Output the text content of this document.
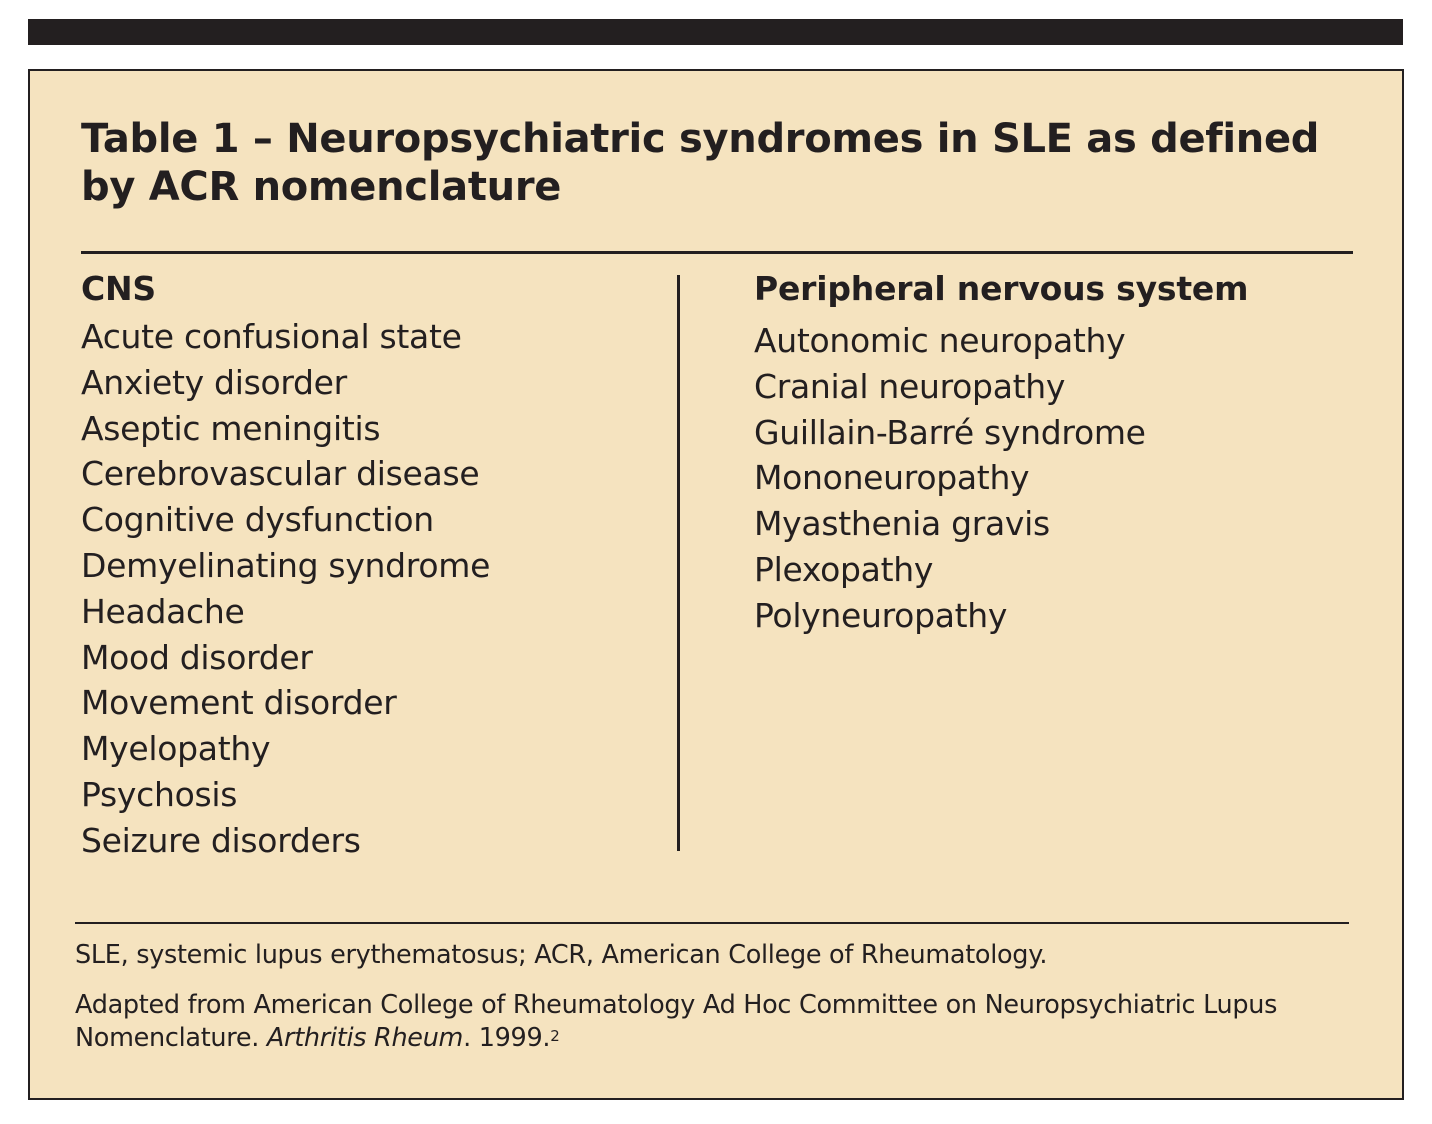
Table 1 – Neuropsychiatric syndromes in SLE as defined by ACR nomenclature
CNS
Acute confusional state
Anxiety disorder
Aseptic meningitis
Cerebrovascular disease
Cognitive dysfunction
Demyelinating syndrome
Headache
Mood disorder
Movement disorder
Myelopathy
Psychosis
Seizure disorders
Peripheral nervous system
Autonomic neuropathy
Cranial neuropathy
Guillain-Barré syndrome
Mononeuropathy
Myasthenia gravis
Plexopathy
Polyneuropathy

SLE, systemic lupus erythematosus; ACR, American College of Rheumatology.

Adapted from American College of Rheumatology Ad Hoc Committee on Neuropsychiatric Lupus Nomenclature. Arthritis Rheum. 1999.$^2$
